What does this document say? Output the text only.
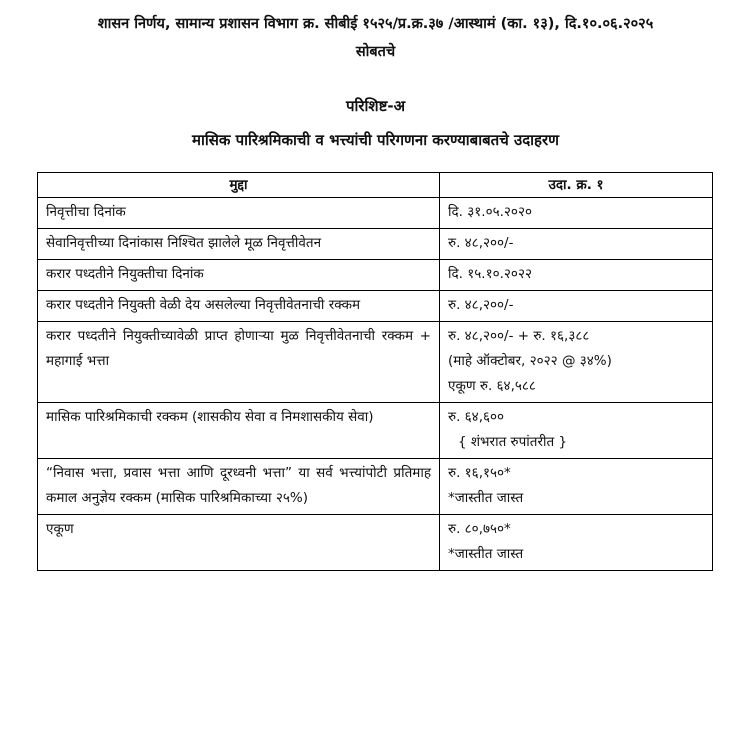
शासन निर्णय, सामान्य प्रशासन विभाग क्र. सीबीई १५२५/प्र.क्र.३७ /आस्थामं (का. १३), दि.१०.०६.२०२५
सोबतचे
परिशिष्ट-अ
मासिक पारिश्रमिकाची व भत्त्यांची परिगणना करण्याबाबतचे उदाहरण
मुद्दा	उदा. क्र. १
निवृत्तीचा दिनांक	दि. ३१.०५.२०२०

सेवानिवृत्तीच्या दिनांकास निश्चित झालेले मूळ निवृत्तीवेतन	रु. ४८,२००/-

करार पध्दतीने नियुक्तीचा दिनांक	दि. १५.१०.२०२२

करार पध्दतीने नियुक्ती वेळी देय असलेल्या निवृत्तीवेतनाची रक्कम	रु. ४८,२००/-

करार पध्दतीने नियुक्तीच्यावेळी प्राप्त होणाऱ्या मुळ निवृत्तीवेतनाची रक्कम + महागाई भत्ता	रु. ४८,२००/- + रु. १६,३८८
(माहे ऑक्टोबर, २०२२ @ ३४%)
एकूण रु. ६४,५८८

मासिक पारिश्रमिकाची रक्कम (शासकीय सेवा व निमशासकीय सेवा)	रु. ६४,६००
{ शंभरात रुपांतरीत }

“निवास भत्ता, प्रवास भत्ता आणि दूरध्वनी भत्ता” या सर्व भत्त्यांपोटी प्रतिमाह कमाल अनुज्ञेय रक्कम (मासिक पारिश्रमिकाच्या २५%)	रु. १६,१५०*
*जास्तीत जास्त

एकूण	रु. ८०,७५०*
*जास्तीत जास्त
